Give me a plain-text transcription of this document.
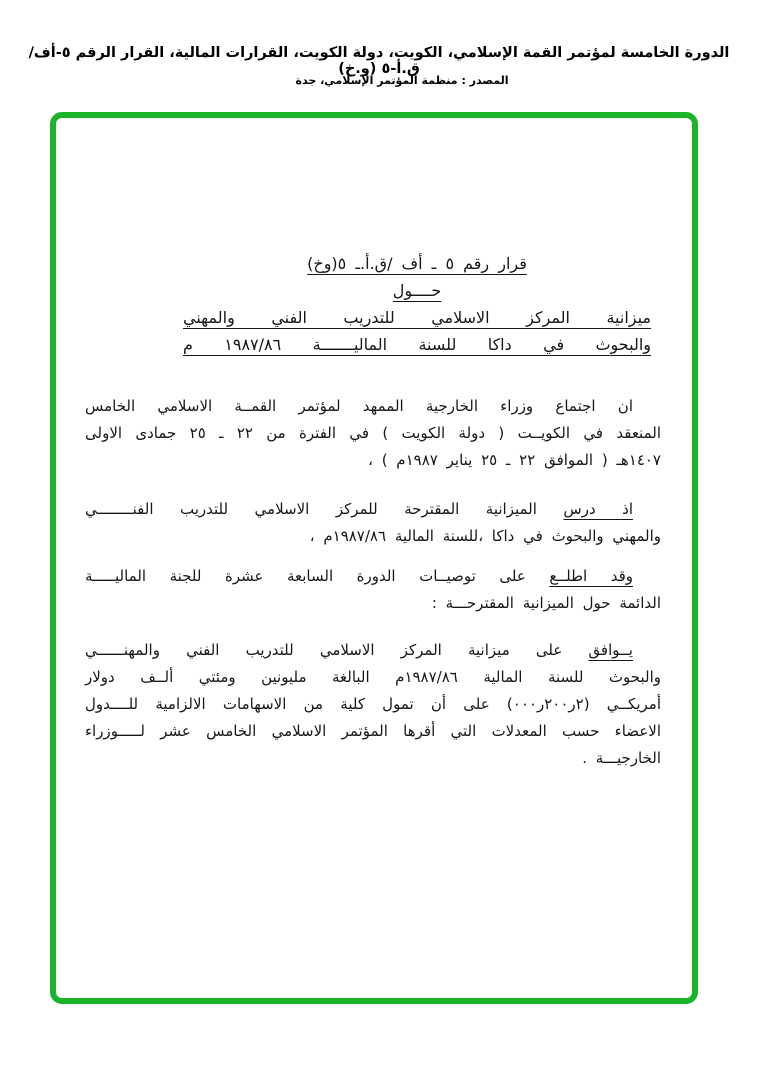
الدورة الخامسة لمؤتمر القمة الإسلامي، الكويت، دولة الكويت، القرارات المالية، القرار الرقم ٥-أف/ق.أ-٥ (و.خ)
المصدر : منظمة المؤتمر الإسلامي، جدة
قرار رقم ٥ ـ أف /ق.أ.ـ ٥(وخ)
حــــول
ميزانية المركز الاسلامي للتدريب الفني والمهني
والبحوث في داكا للسنة الماليـــــــة ١٩٨٧/٨٦ م
ان اجتماع وزراء الخارجية الممهد لمؤتمر القمــة الاسلامي الخامس
المنعقد في الكويــت ( دولة الكويت ) في الفترة من ٢٢ ـ ٢٥ جمادى الاولى
١٤٠٧هـ ( الموافق ٢٢ ـ ٢٥ يناير ١٩٨٧م ) ،
اذ درس الميزانية المقترحة للمركز الاسلامي للتدريب الفنــــــــي
والمهني والبحوث في داكا ،للسنة المالية ١٩٨٧/٨٦م ،
وقد اطلــع على توصيــات الدورة السابعة عشرة للجنة الماليـــــة
الدائمة حول الميزانية المقترحـــة :
يــوافق على ميزانية المركز الاسلامي للتدريب الفني والمهنــــــي
والبحوث للسنة المالية ١٩٨٧/٨٦م البالغة مليونين ومئتي ألــف دولار
أمريكــي (٢ر٢٠٠ر٠٠٠) على أن تمول كلية من الاسهامات الالزامية للــــدول
الاعضاء حسب المعدلات التي أقرها المؤتمر الاسلامي الخامس عشر لـــــوزراء
الخارجيـــة .
